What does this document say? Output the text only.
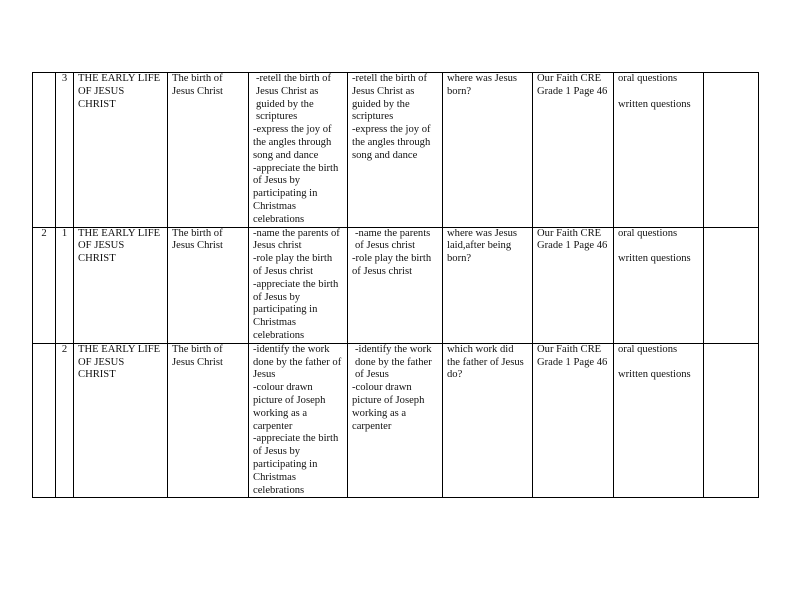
	3	THE EARLY LIFE OF JESUS CHRIST	The birth of Jesus Christ	-retell the birth of Jesus Christ as guided by the scriptures
-express the joy of the angles through song and dance
-appreciate the birth of Jesus by participating in Christmas celebrations	-retell the birth of Jesus Christ as guided by the scriptures
-express the joy of the angles through song and dance	where was Jesus born?	Our Faith CRE Grade 1 Page 46	oral questions
written questions	

2	1	THE EARLY LIFE OF JESUS CHRIST	The birth of Jesus Christ	-name the parents of Jesus christ
-role play the birth of Jesus christ
-appreciate the birth of Jesus by participating in Christmas celebrations	-name the parents of Jesus christ
-role play the birth of Jesus christ	where was Jesus laid,after being born?	Our Faith CRE Grade 1 Page 46	oral questions
written questions	

	2	THE EARLY LIFE OF JESUS CHRIST	The birth of Jesus Christ	-identify the work done by the father of Jesus
-colour drawn picture of Joseph working as a carpenter
-appreciate the birth of Jesus by participating in Christmas celebrations	-identify the work done by the father of Jesus
-colour drawn picture of Joseph working as a carpenter	which work did the father of Jesus do?	Our Faith CRE Grade 1 Page 46	oral questions
written questions	
